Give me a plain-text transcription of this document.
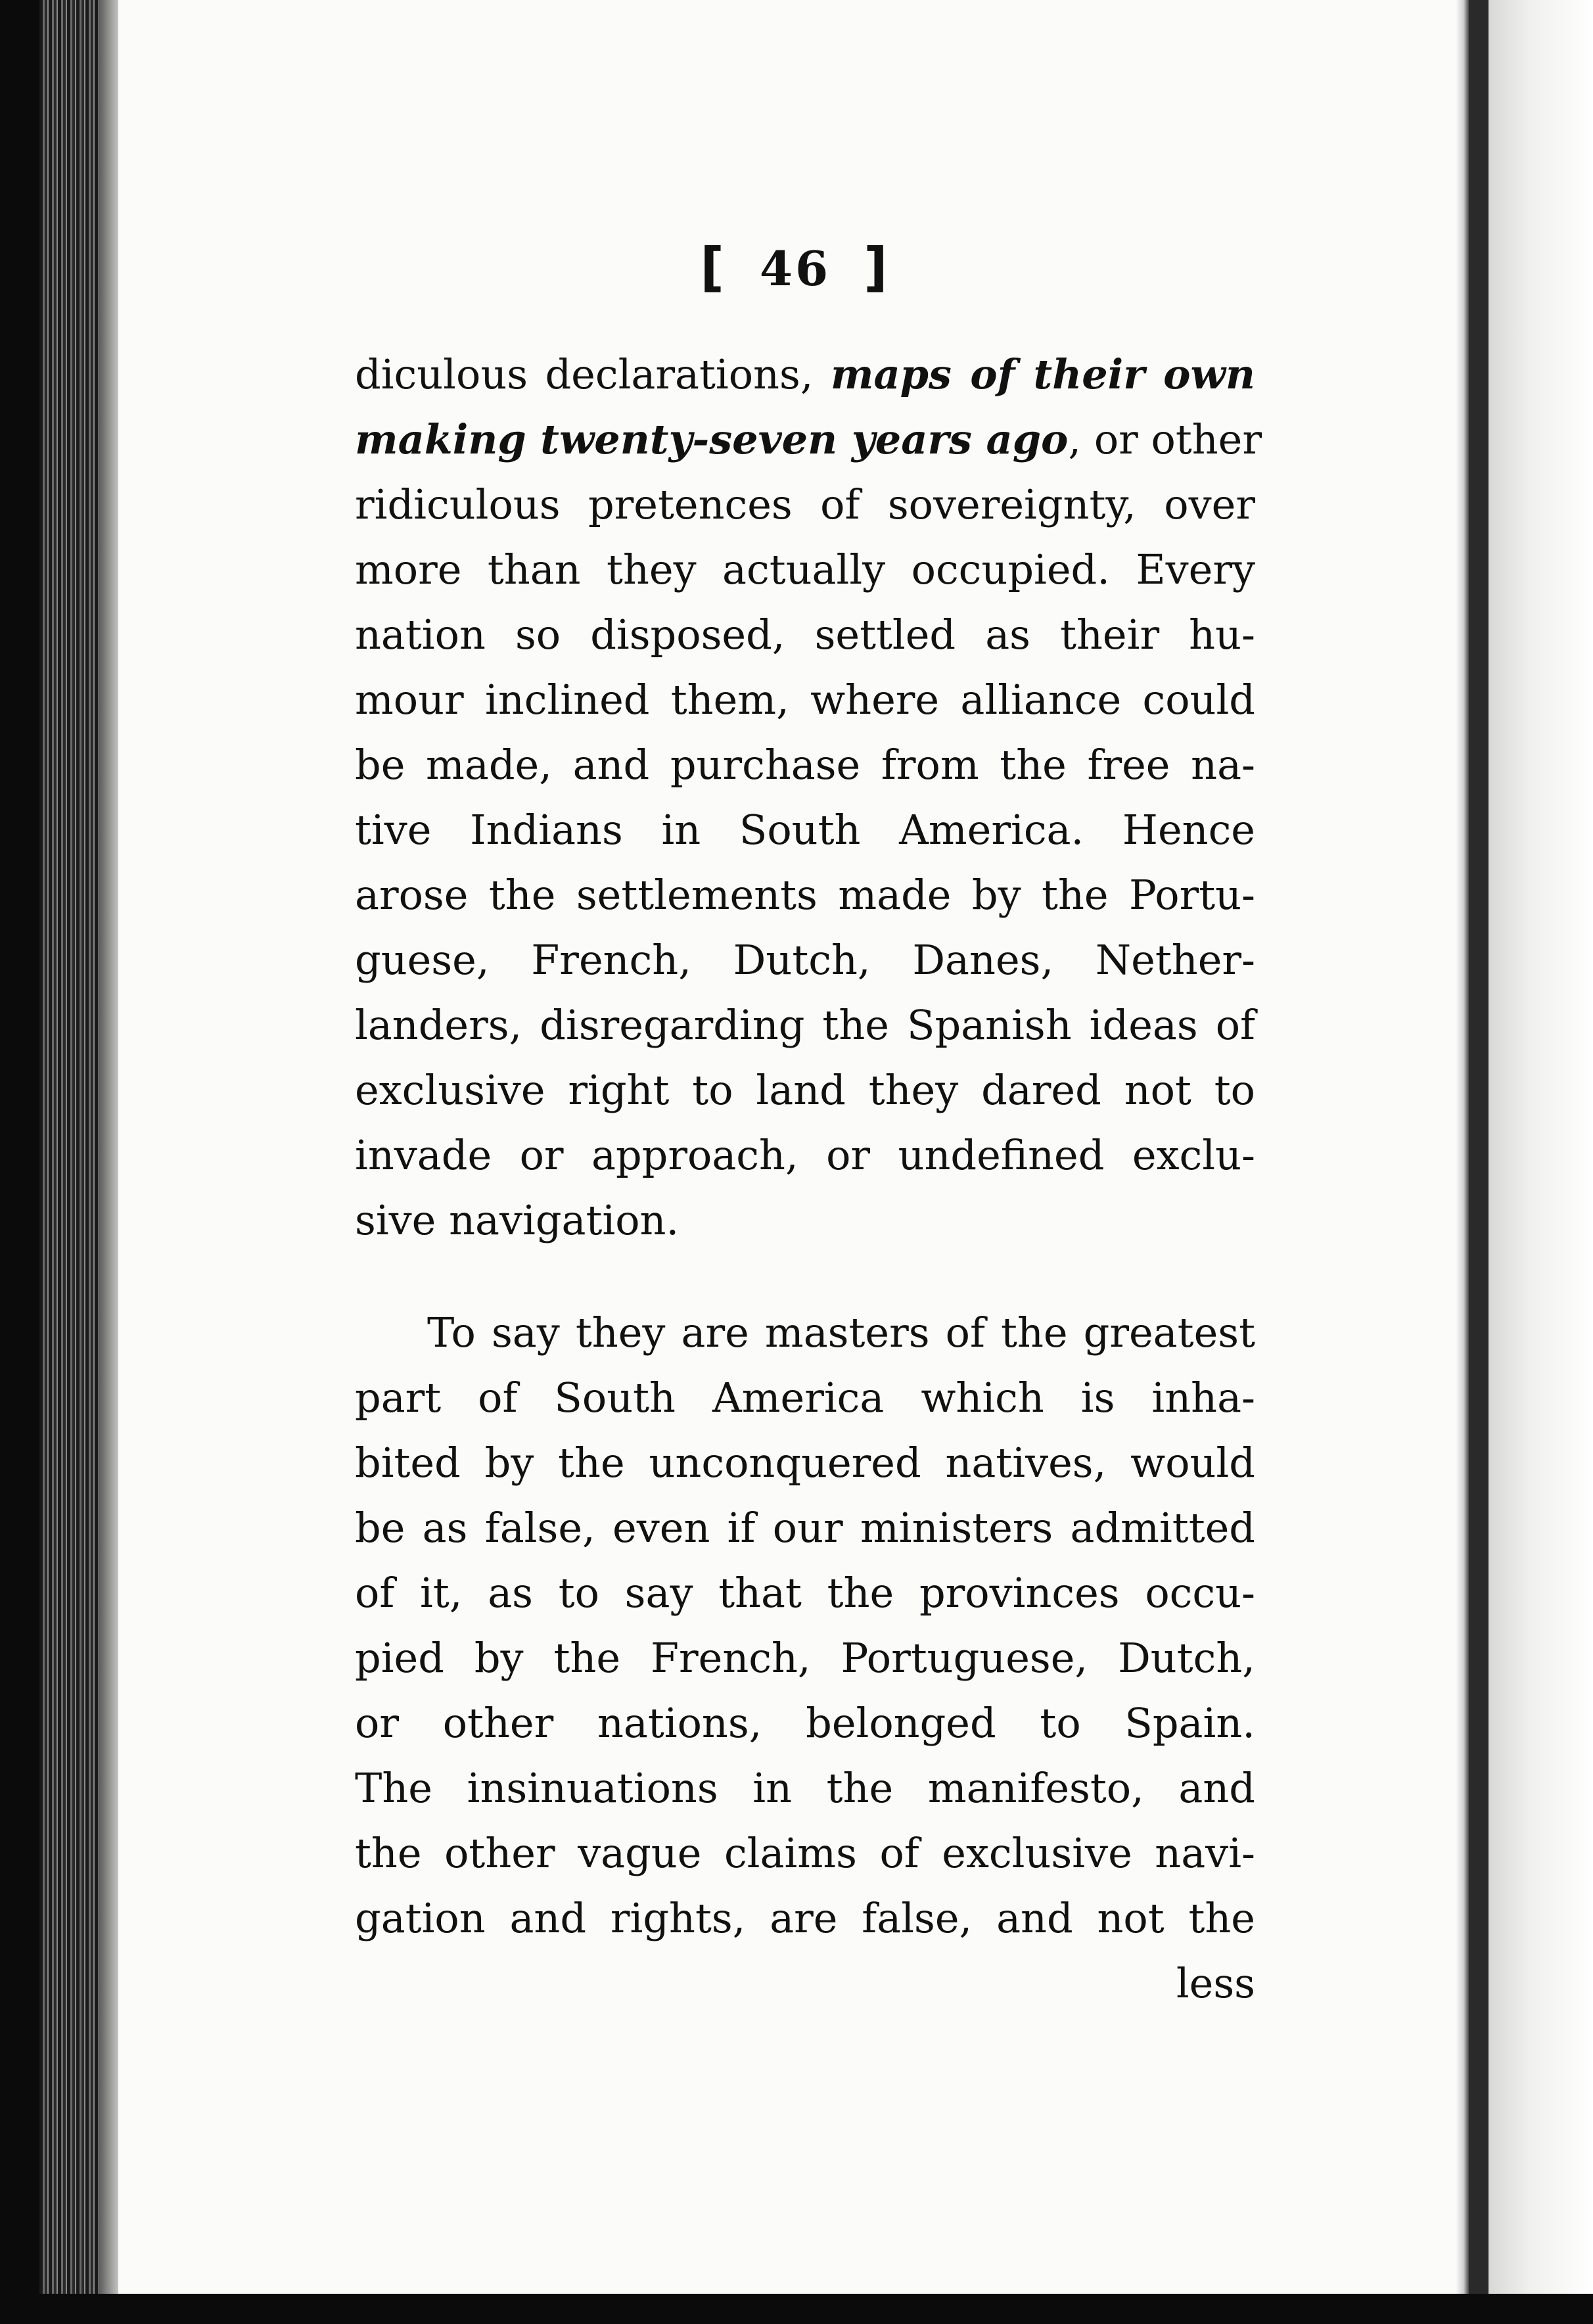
[ 46 ]
diculous declarations, maps of their own
making twenty-seven years ago, or other
ridiculous pretences of sovereignty, over
more than they actually occupied. Every
nation so disposed, settled as their hu-
mour inclined them, where alliance could
be made, and purchase from the free na-
tive Indians in South America. Hence
arose the settlements made by the Portu-
guese, French, Dutch, Danes, Nether-
landers, disregarding the Spanish ideas of
exclusive right to land they dared not to
invade or approach, or undefined exclu-
sive navigation.
To say they are masters of the greatest
part of South America which is inha-
bited by the unconquered natives, would
be as false, even if our ministers admitted
of it, as to say that the provinces occu-
pied by the French, Portuguese, Dutch,
or other nations, belonged to Spain.
The insinuations in the manifesto, and
the other vague claims of exclusive navi-
gation and rights, are false, and not the
less
